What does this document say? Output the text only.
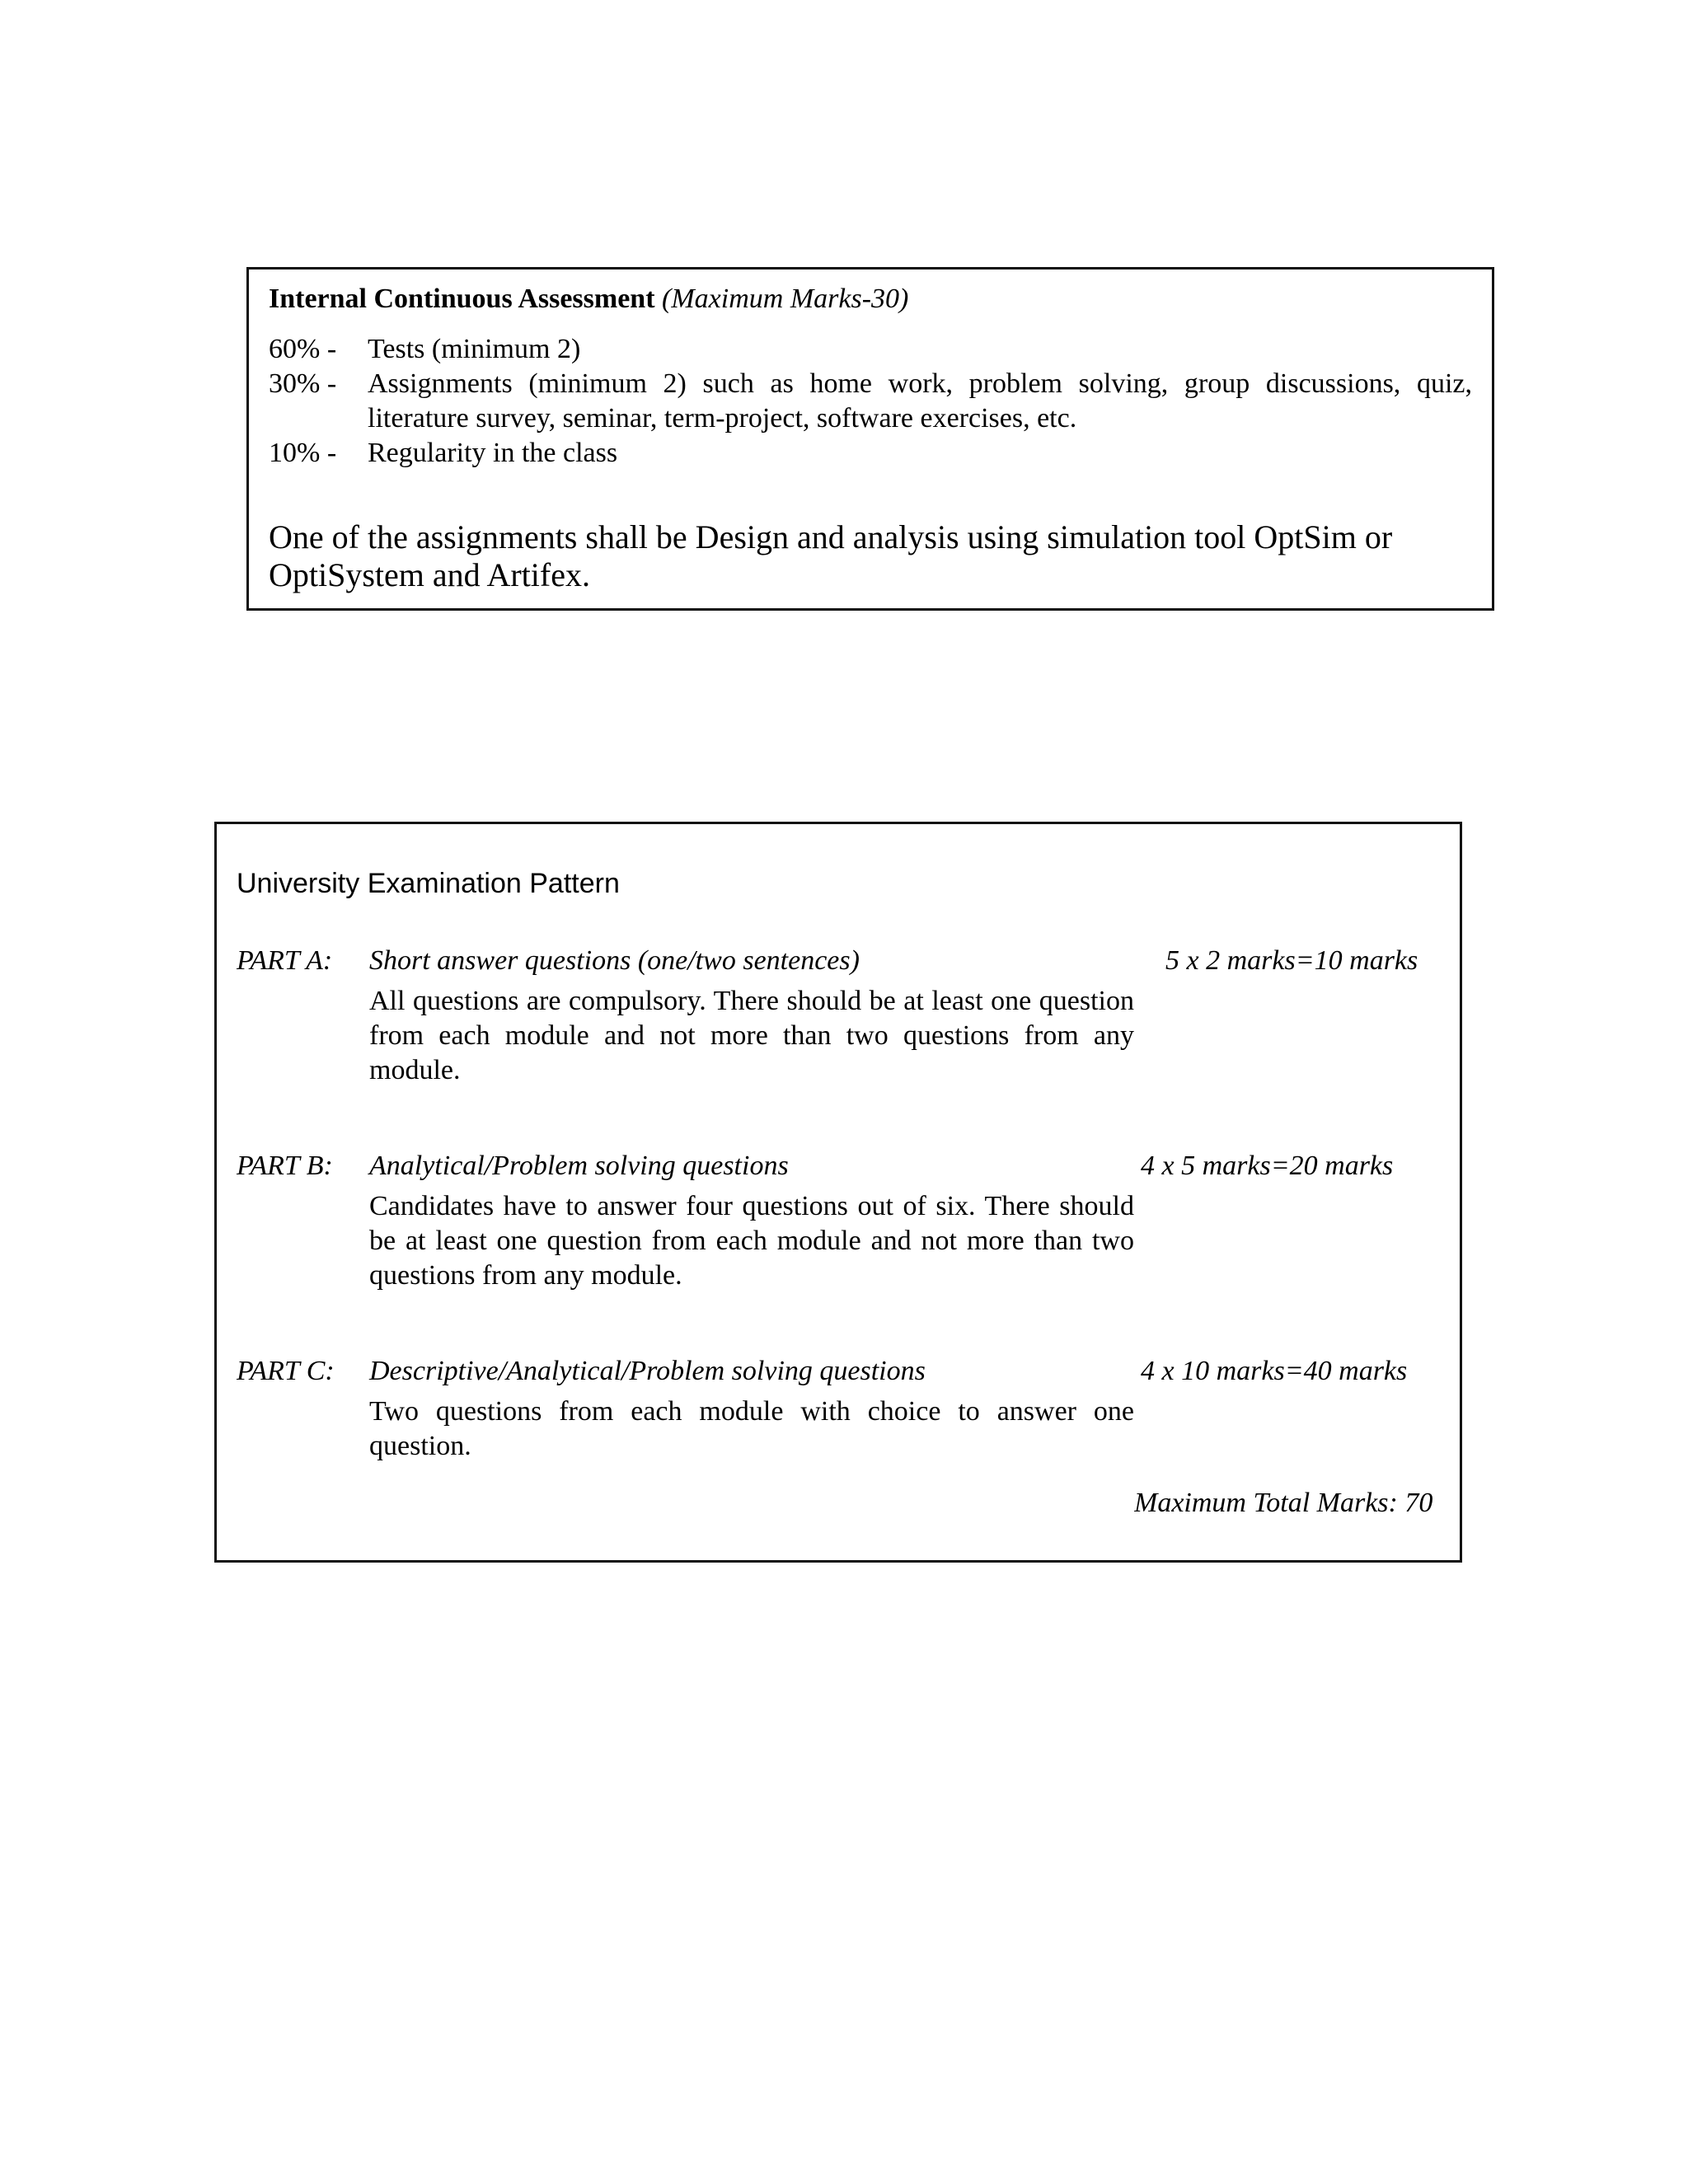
Internal Continuous Assessment (Maximum Marks-30)
60% - Tests (minimum 2)
30% - Assignments (minimum 2) such as home work, problem solving, group discussions, quiz, literature survey, seminar, term-project, software exercises, etc.
10% - Regularity in the class
One of the assignments shall be Design and analysis using simulation tool OptSim or OptiSystem and Artifex.
University Examination Pattern
PART A: Short answer questions (one/two sentences)	5 x 2 marks=10 marks
All questions are compulsory. There should be at least one question from each module and not more than two questions from any module.
PART B: Analytical/Problem solving questions	4 x 5 marks=20 marks
Candidates have to answer four questions out of six. There should be at least one question from each module and not more than two questions from any module.
PART C: Descriptive/Analytical/Problem solving questions	4 x 10 marks=40 marks
Two questions from each module with choice to answer one question.
Maximum Total Marks: 70
